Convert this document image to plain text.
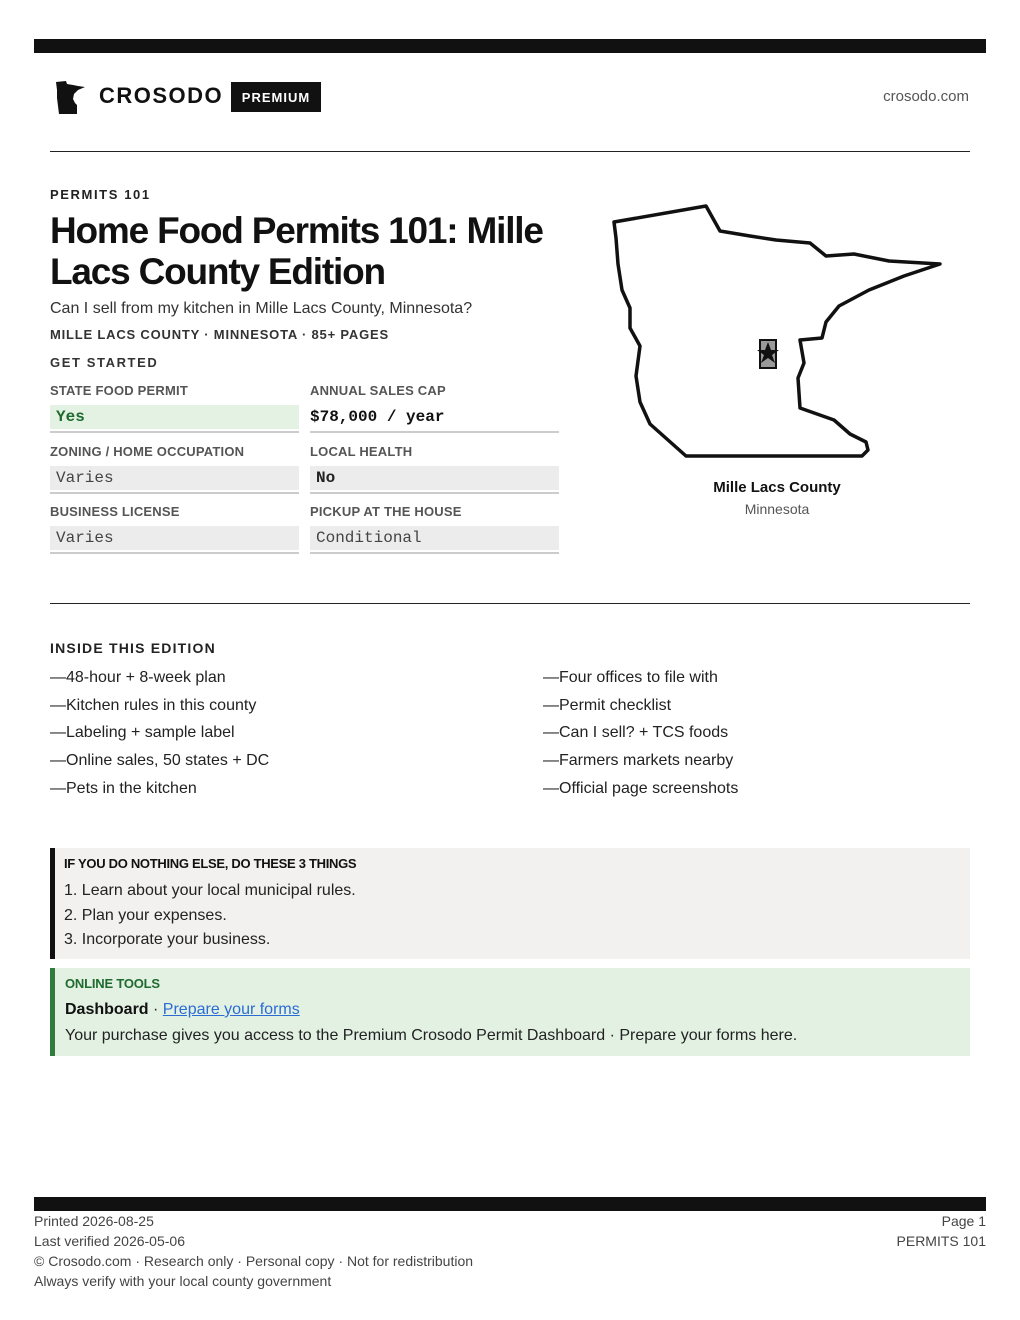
CROSODO	PREMIUM	crosodo.com
PERMITS 101
Home Food Permits 101: Mille Lacs County Edition
Can I sell from my kitchen in Mille Lacs County, Minnesota?
MILLE LACS COUNTY · MINNESOTA · 85+ PAGES
GET STARTED
STATE FOOD PERMIT
Yes
ANNUAL SALES CAP
$78,000 / year
ZONING / HOME OCCUPATION
Varies
LOCAL HEALTH
No
BUSINESS LICENSE
Varies
PICKUP AT THE HOUSE
Conditional
Mille Lacs County
Minnesota
INSIDE THIS EDITION
—48-hour + 8-week plan
—Kitchen rules in this county
—Labeling + sample label
—Online sales, 50 states + DC
—Pets in the kitchen
—Four offices to file with
—Permit checklist
—Can I sell? + TCS foods
—Farmers markets nearby
—Official page screenshots
IF YOU DO NOTHING ELSE, DO THESE 3 THINGS
1. Learn about your local municipal rules.
2. Plan your expenses.
3. Incorporate your business.
ONLINE TOOLS
Dashboard · Prepare your forms
Your purchase gives you access to the Premium Crosodo Permit Dashboard · Prepare your forms here.
Printed 2026-08-25
Last verified 2026-05-06
© Crosodo.com · Research only · Personal copy · Not for redistribution
Always verify with your local county government
Page 1
PERMITS 101
